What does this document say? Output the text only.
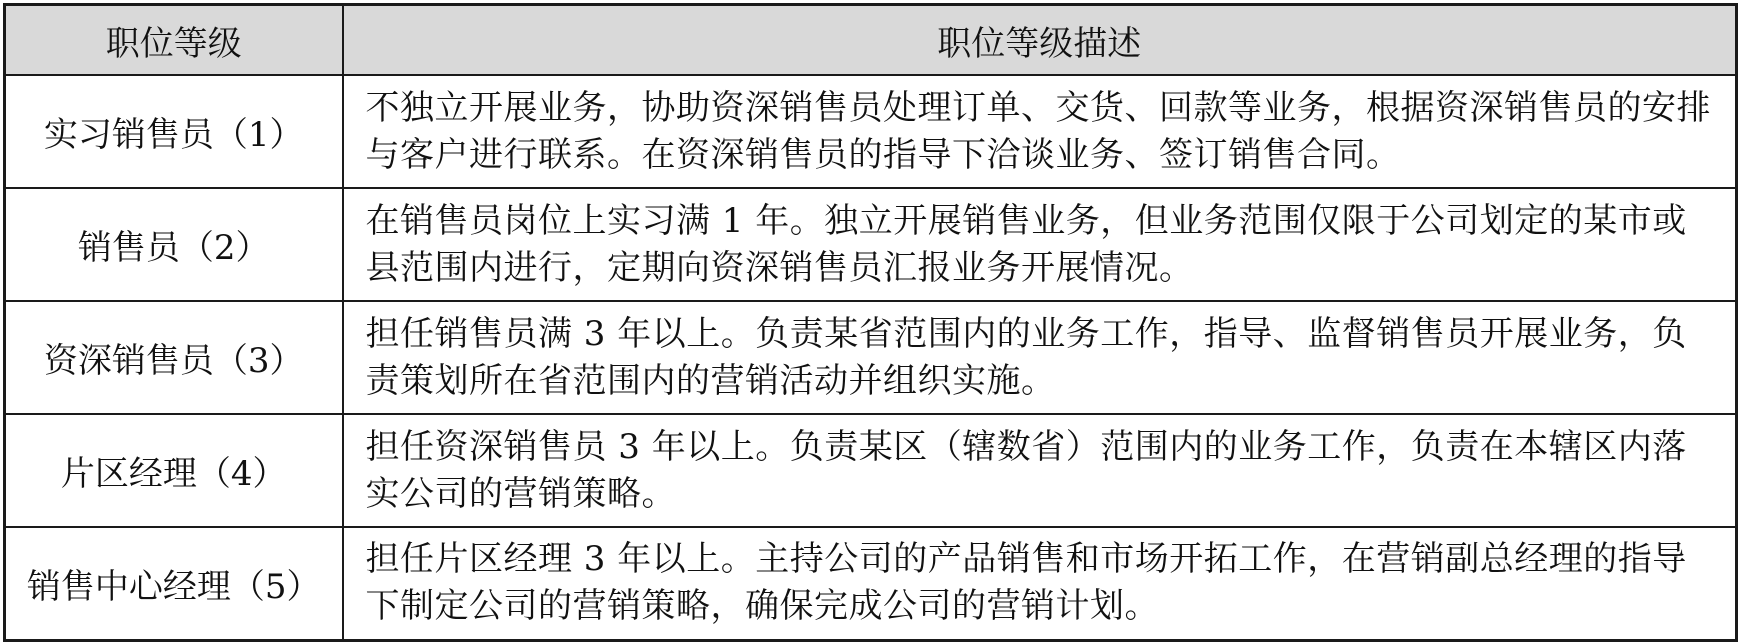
职位等级	职位等级描述
实习销售员（1）	不独立开展业务，协助资深销售员处理订单、交货、回款等业务，根据资深销售员的安排与客户进行联系。在资深销售员的指导下洽谈业务、签订销售合同。
销售员（2）	在销售员岗位上实习满 1 年。独立开展销售业务，但业务范围仅限于公司划定的某市或县范围内进行，定期向资深销售员汇报业务开展情况。
资深销售员（3）	担任销售员满 3 年以上。负责某省范围内的业务工作，指导、监督销售员开展业务，负责策划所在省范围内的营销活动并组织实施。
片区经理（4）	担任资深销售员 3 年以上。负责某区（辖数省）范围内的业务工作，负责在本辖区内落实公司的营销策略。
销售中心经理（5）	担任片区经理 3 年以上。主持公司的产品销售和市场开拓工作，在营销副总经理的指导下制定公司的营销策略，确保完成公司的营销计划。
